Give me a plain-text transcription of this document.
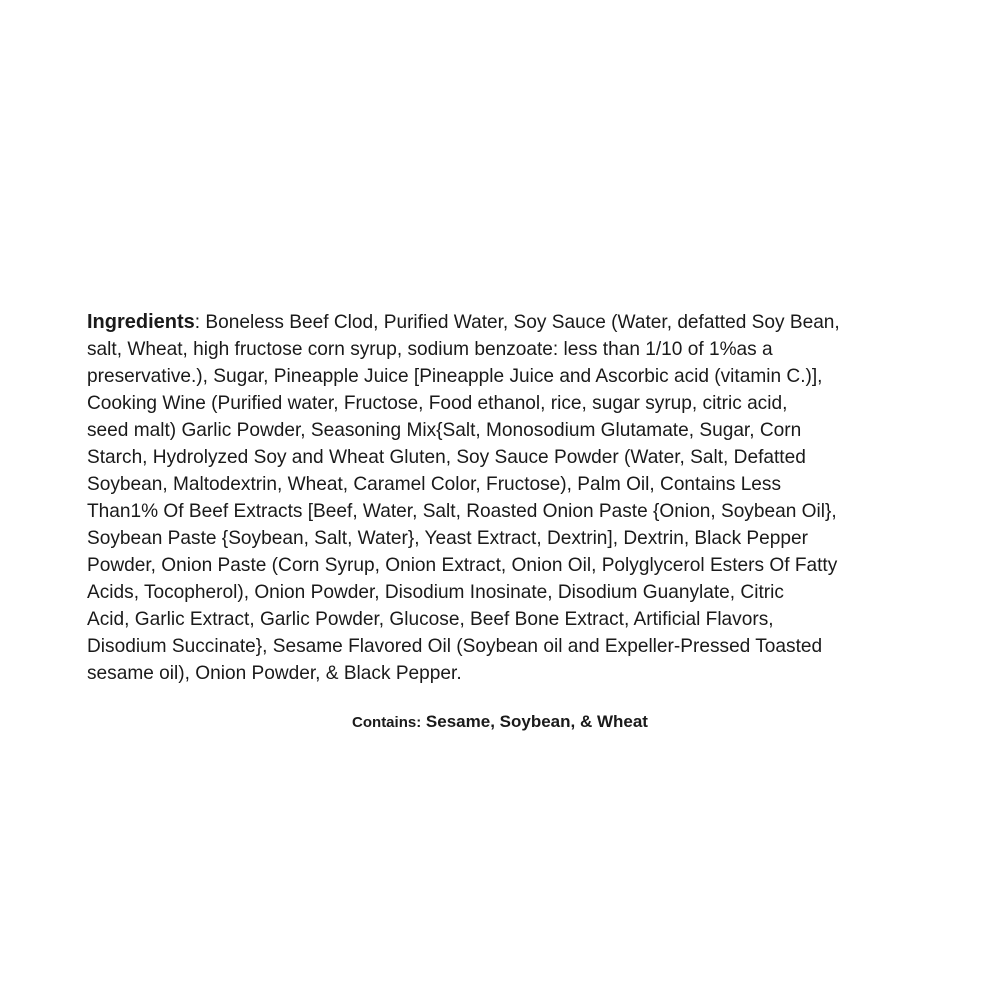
Ingredients: Boneless Beef Clod, Purified Water, Soy Sauce (Water, defatted Soy Bean,
salt, Wheat, high fructose corn syrup, sodium benzoate: less than 1/10 of 1%as a
preservative.), Sugar, Pineapple Juice [Pineapple Juice and Ascorbic acid (vitamin C.)],
Cooking Wine (Purified water, Fructose, Food ethanol, rice, sugar syrup, citric acid,
seed malt) Garlic Powder, Seasoning Mix{Salt, Monosodium Glutamate, Sugar, Corn
Starch, Hydrolyzed Soy and Wheat Gluten, Soy Sauce Powder (Water, Salt, Defatted
Soybean, Maltodextrin, Wheat, Caramel Color, Fructose), Palm Oil, Contains Less
Than1% Of Beef Extracts [Beef, Water, Salt, Roasted Onion Paste {Onion, Soybean Oil},
Soybean Paste {Soybean, Salt, Water}, Yeast Extract, Dextrin], Dextrin, Black Pepper
Powder, Onion Paste (Corn Syrup, Onion Extract, Onion Oil, Polyglycerol Esters Of Fatty
Acids, Tocopherol), Onion Powder, Disodium Inosinate, Disodium Guanylate, Citric
Acid, Garlic Extract, Garlic Powder, Glucose, Beef Bone Extract, Artificial Flavors,
Disodium Succinate}, Sesame Flavored Oil (Soybean oil and Expeller-Pressed Toasted
sesame oil), Onion Powder, & Black Pepper.

Contains: Sesame, Soybean, & Wheat
